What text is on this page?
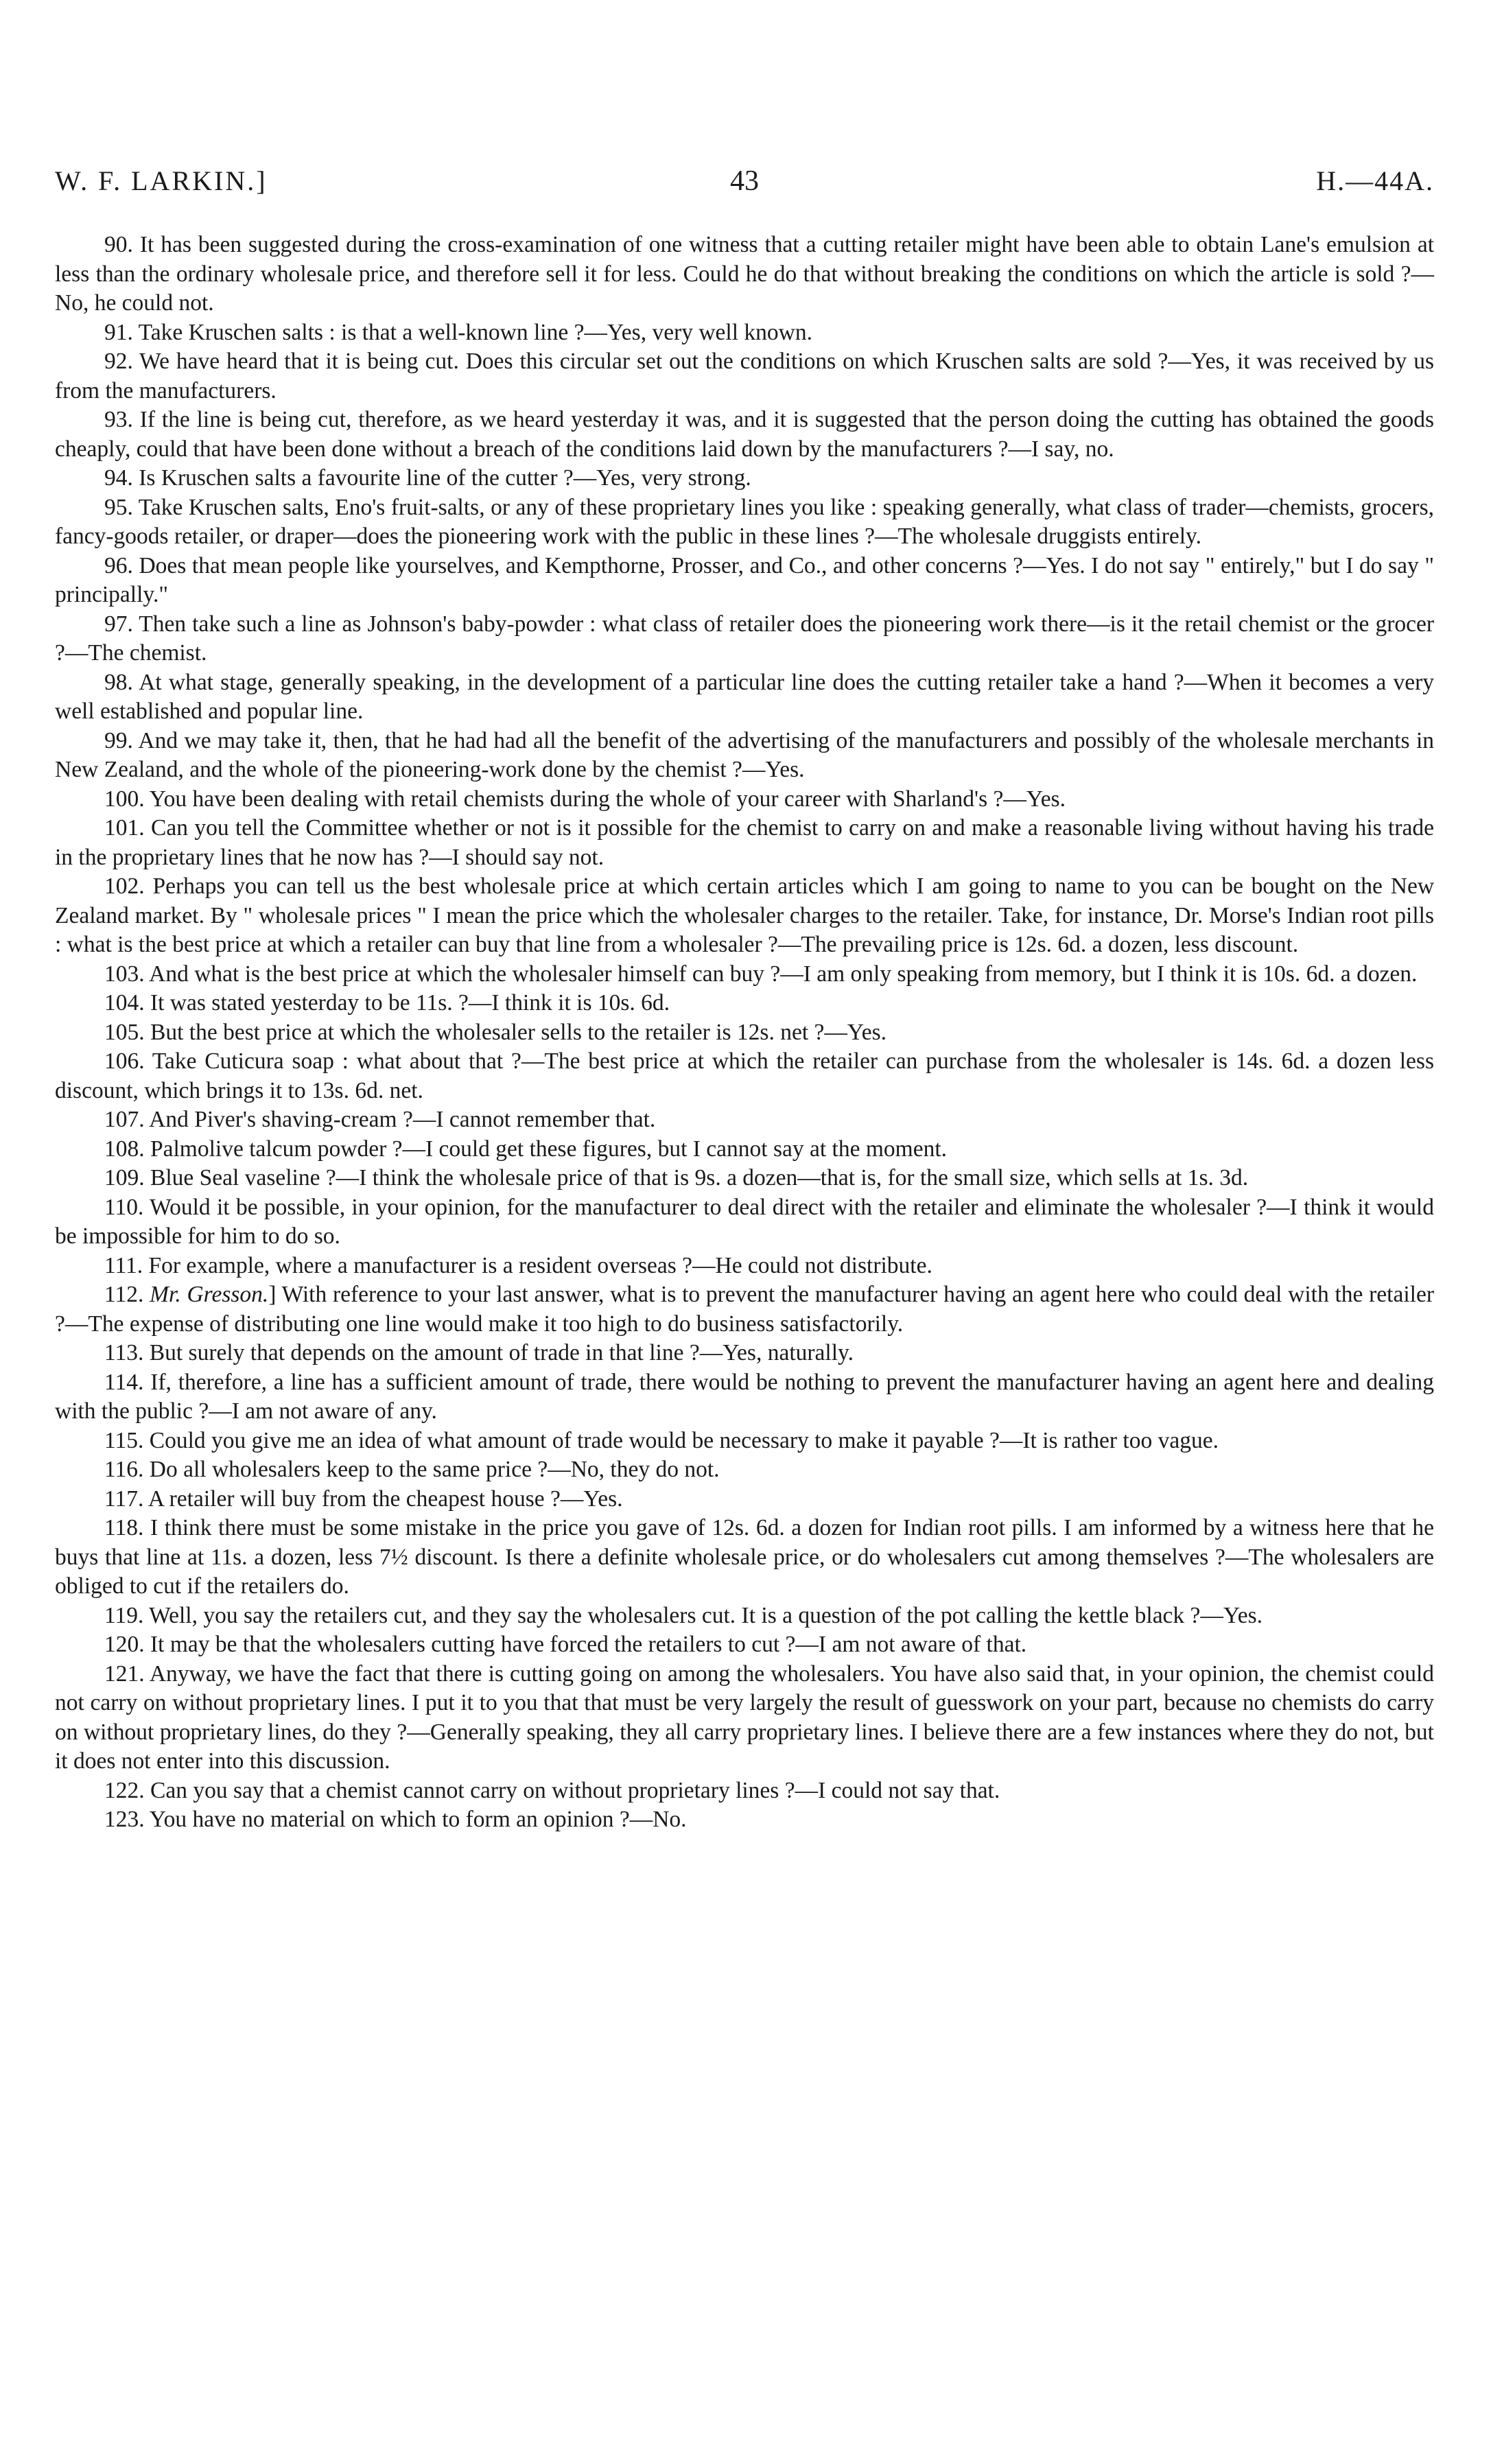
W. F. LARKIN.]	43	H.—44A.

90. It has been suggested during the cross-examination of one witness that a cutting retailer might have been able to obtain Lane's emulsion at less than the ordinary wholesale price, and therefore sell it for less. Could he do that without breaking the conditions on which the article is sold ?—No, he could not.

91. Take Kruschen salts : is that a well-known line ?—Yes, very well known.

92. We have heard that it is being cut. Does this circular set out the conditions on which Kruschen salts are sold ?—Yes, it was received by us from the manufacturers.

93. If the line is being cut, therefore, as we heard yesterday it was, and it is suggested that the person doing the cutting has obtained the goods cheaply, could that have been done without a breach of the conditions laid down by the manufacturers ?—I say, no.

94. Is Kruschen salts a favourite line of the cutter ?—Yes, very strong.

95. Take Kruschen salts, Eno's fruit-salts, or any of these proprietary lines you like : speaking generally, what class of trader—chemists, grocers, fancy-goods retailer, or draper—does the pioneering work with the public in these lines ?—The wholesale druggists entirely.

96. Does that mean people like yourselves, and Kempthorne, Prosser, and Co., and other concerns ?—Yes. I do not say " entirely," but I do say " principally."

97. Then take such a line as Johnson's baby-powder : what class of retailer does the pioneering work there—is it the retail chemist or the grocer ?—The chemist.

98. At what stage, generally speaking, in the development of a particular line does the cutting retailer take a hand ?—When it becomes a very well established and popular line.

99. And we may take it, then, that he had had all the benefit of the advertising of the manufacturers and possibly of the wholesale merchants in New Zealand, and the whole of the pioneering-work done by the chemist ?—Yes.

100. You have been dealing with retail chemists during the whole of your career with Sharland's ?—Yes.

101. Can you tell the Committee whether or not is it possible for the chemist to carry on and make a reasonable living without having his trade in the proprietary lines that he now has ?—I should say not.

102. Perhaps you can tell us the best wholesale price at which certain articles which I am going to name to you can be bought on the New Zealand market. By " wholesale prices " I mean the price which the wholesaler charges to the retailer. Take, for instance, Dr. Morse's Indian root pills : what is the best price at which a retailer can buy that line from a wholesaler ?—The prevailing price is 12s. 6d. a dozen, less discount.

103. And what is the best price at which the wholesaler himself can buy ?—I am only speaking from memory, but I think it is 10s. 6d. a dozen.

104. It was stated yesterday to be 11s. ?—I think it is 10s. 6d.

105. But the best price at which the wholesaler sells to the retailer is 12s. net ?—Yes.

106. Take Cuticura soap : what about that ?—The best price at which the retailer can purchase from the wholesaler is 14s. 6d. a dozen less discount, which brings it to 13s. 6d. net.

107. And Piver's shaving-cream ?—I cannot remember that.

108. Palmolive talcum powder ?—I could get these figures, but I cannot say at the moment.

109. Blue Seal vaseline ?—I think the wholesale price of that is 9s. a dozen—that is, for the small size, which sells at 1s. 3d.

110. Would it be possible, in your opinion, for the manufacturer to deal direct with the retailer and eliminate the wholesaler ?—I think it would be impossible for him to do so.

111. For example, where a manufacturer is a resident overseas ?—He could not distribute.

112. Mr. Gresson.] With reference to your last answer, what is to prevent the manufacturer having an agent here who could deal with the retailer ?—The expense of distributing one line would make it too high to do business satisfactorily.

113. But surely that depends on the amount of trade in that line ?—Yes, naturally.

114. If, therefore, a line has a sufficient amount of trade, there would be nothing to prevent the manufacturer having an agent here and dealing with the public ?—I am not aware of any.

115. Could you give me an idea of what amount of trade would be necessary to make it payable ?—It is rather too vague.

116. Do all wholesalers keep to the same price ?—No, they do not.

117. A retailer will buy from the cheapest house ?—Yes.

118. I think there must be some mistake in the price you gave of 12s. 6d. a dozen for Indian root pills. I am informed by a witness here that he buys that line at 11s. a dozen, less 7½ discount. Is there a definite wholesale price, or do wholesalers cut among themselves ?—The wholesalers are obliged to cut if the retailers do.

119. Well, you say the retailers cut, and they say the wholesalers cut. It is a question of the pot calling the kettle black ?—Yes.

120. It may be that the wholesalers cutting have forced the retailers to cut ?—I am not aware of that.

121. Anyway, we have the fact that there is cutting going on among the wholesalers. You have also said that, in your opinion, the chemist could not carry on without proprietary lines. I put it to you that that must be very largely the result of guesswork on your part, because no chemists do carry on without proprietary lines, do they ?—Generally speaking, they all carry proprietary lines. I believe there are a few instances where they do not, but it does not enter into this discussion.

122. Can you say that a chemist cannot carry on without proprietary lines ?—I could not say that.

123. You have no material on which to form an opinion ?—No.
